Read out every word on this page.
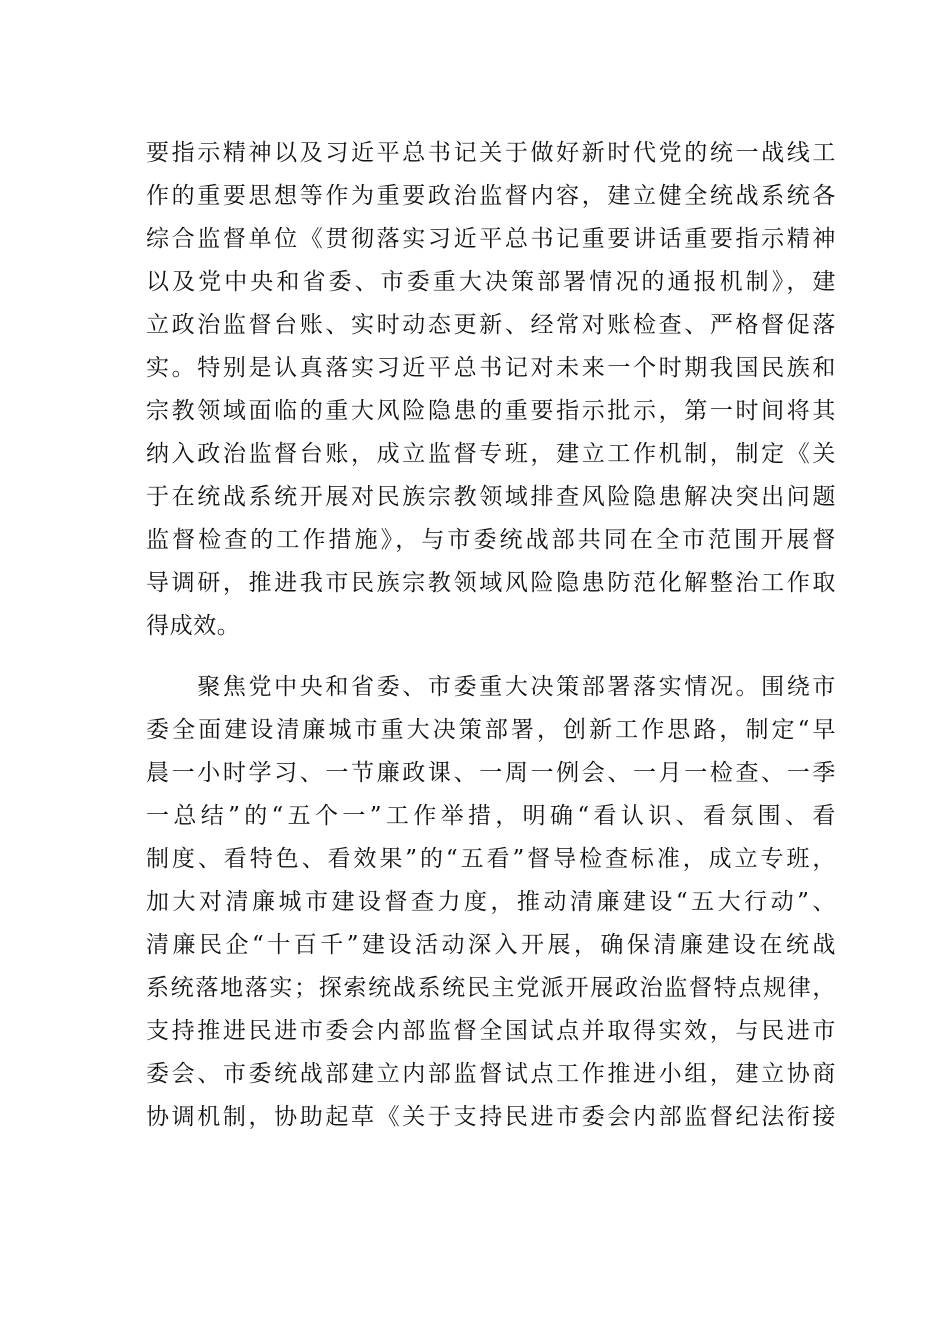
要指示精神以及习近平总书记关于做好新时代党的统一战线工
作的重要思想等作为重要政治监督内容，建立健全统战系统各
综合监督单位《贯彻落实习近平总书记重要讲话重要指示精神
以及党中央和省委、市委重大决策部署情况的通报机制》，建
立政治监督台账、实时动态更新、经常对账检查、严格督促落
实。特别是认真落实习近平总书记对未来一个时期我国民族和
宗教领域面临的重大风险隐患的重要指示批示，第一时间将其
纳入政治监督台账，成立监督专班，建立工作机制，制定《关
于在统战系统开展对民族宗教领域排查风险隐患解决突出问题
监督检查的工作措施》，与市委统战部共同在全市范围开展督
导调研，推进我市民族宗教领域风险隐患防范化解整治工作取
得成效。
　　聚焦党中央和省委、市委重大决策部署落实情况。围绕市
委全面建设清廉城市重大决策部署，创新工作思路，制定“早
晨一小时学习、一节廉政课、一周一例会、一月一检查、一季
一总结”的“五个一”工作举措，明确“看认识、看氛围、看
制度、看特色、看效果”的“五看”督导检查标准，成立专班，
加大对清廉城市建设督查力度，推动清廉建设“五大行动”、
清廉民企“十百千”建设活动深入开展，确保清廉建设在统战
系统落地落实；探索统战系统民主党派开展政治监督特点规律，
支持推进民进市委会内部监督全国试点并取得实效，与民进市
委会、市委统战部建立内部监督试点工作推进小组，建立协商
协调机制，协助起草《关于支持民进市委会内部监督纪法衔接
